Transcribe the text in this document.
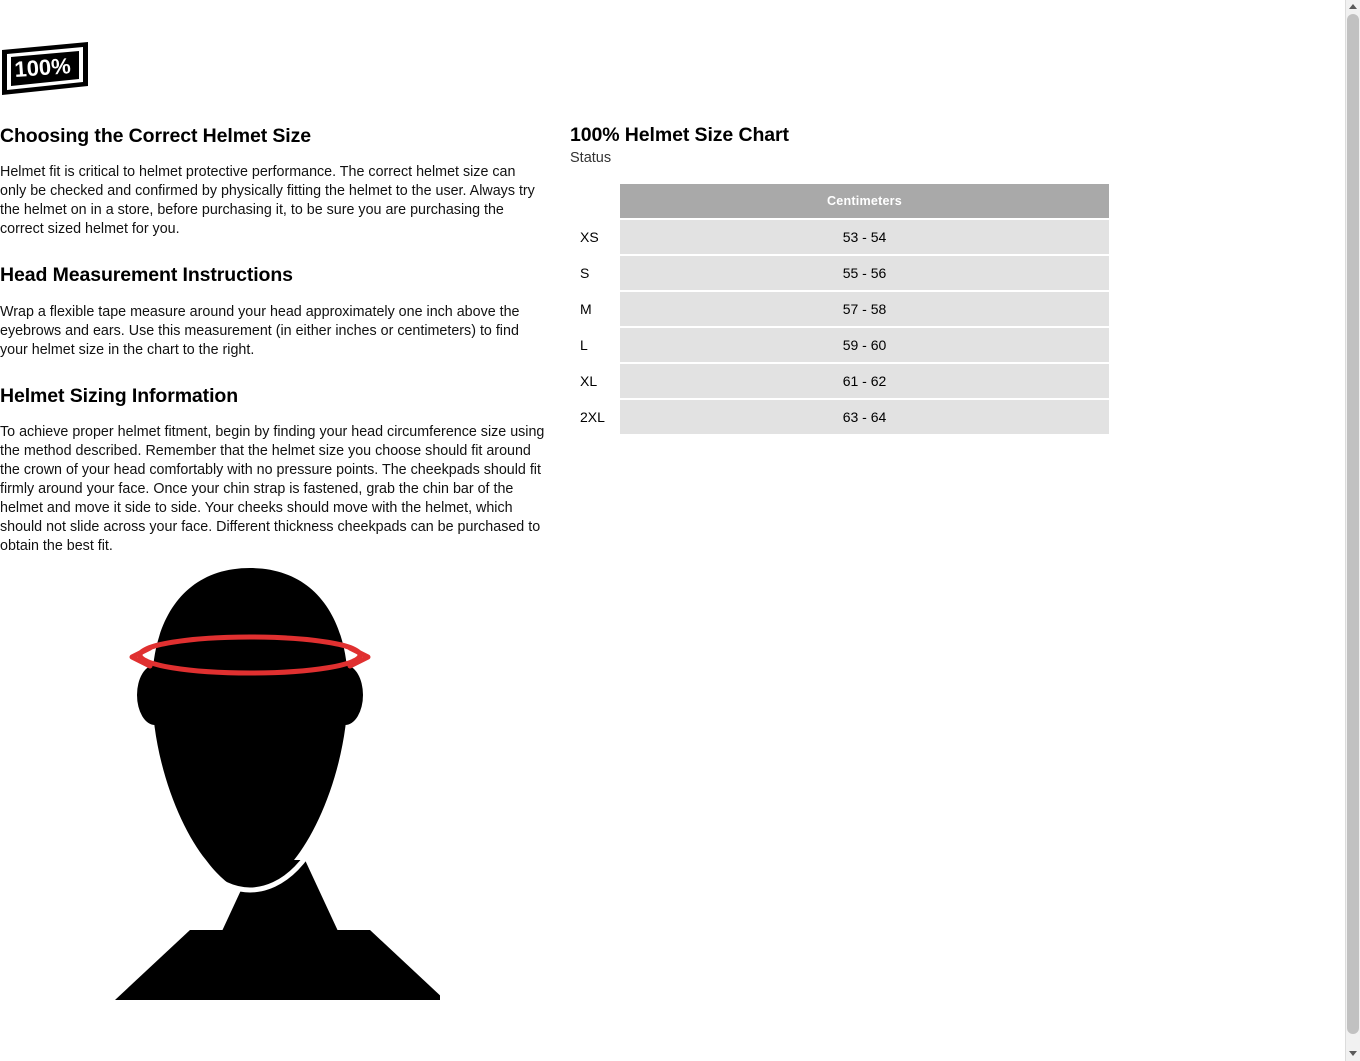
100%
Choosing the Correct Helmet Size

Helmet fit is critical to helmet protective performance. The correct helmet size can only be checked and confirmed by physically fitting the helmet to the user. Always try the helmet on in a store, before purchasing it, to be sure you are purchasing the correct sized helmet for you.

Head Measurement Instructions

Wrap a flexible tape measure around your head approximately one inch above the eyebrows and ears. Use this measurement (in either inches or centimeters) to find your helmet size in the chart to the right.

Helmet Sizing Information

To achieve proper helmet fitment, begin by finding your head circumference size using the method described. Remember that the helmet size you choose should fit around the crown of your head comfortably with no pressure points. The cheekpads should fit firmly around your face. Once your chin strap is fastened, grab the chin bar of the helmet and move it side to side. Your cheeks should move with the helmet, which should not slide across your face. Different thickness cheekpads can be purchased to obtain the best fit.

100% Helmet Size Chart
Status
	Centimeters
XS	53 - 54
S	55 - 56
M	57 - 58
L	59 - 60
XL	61 - 62
2XL	63 - 64
